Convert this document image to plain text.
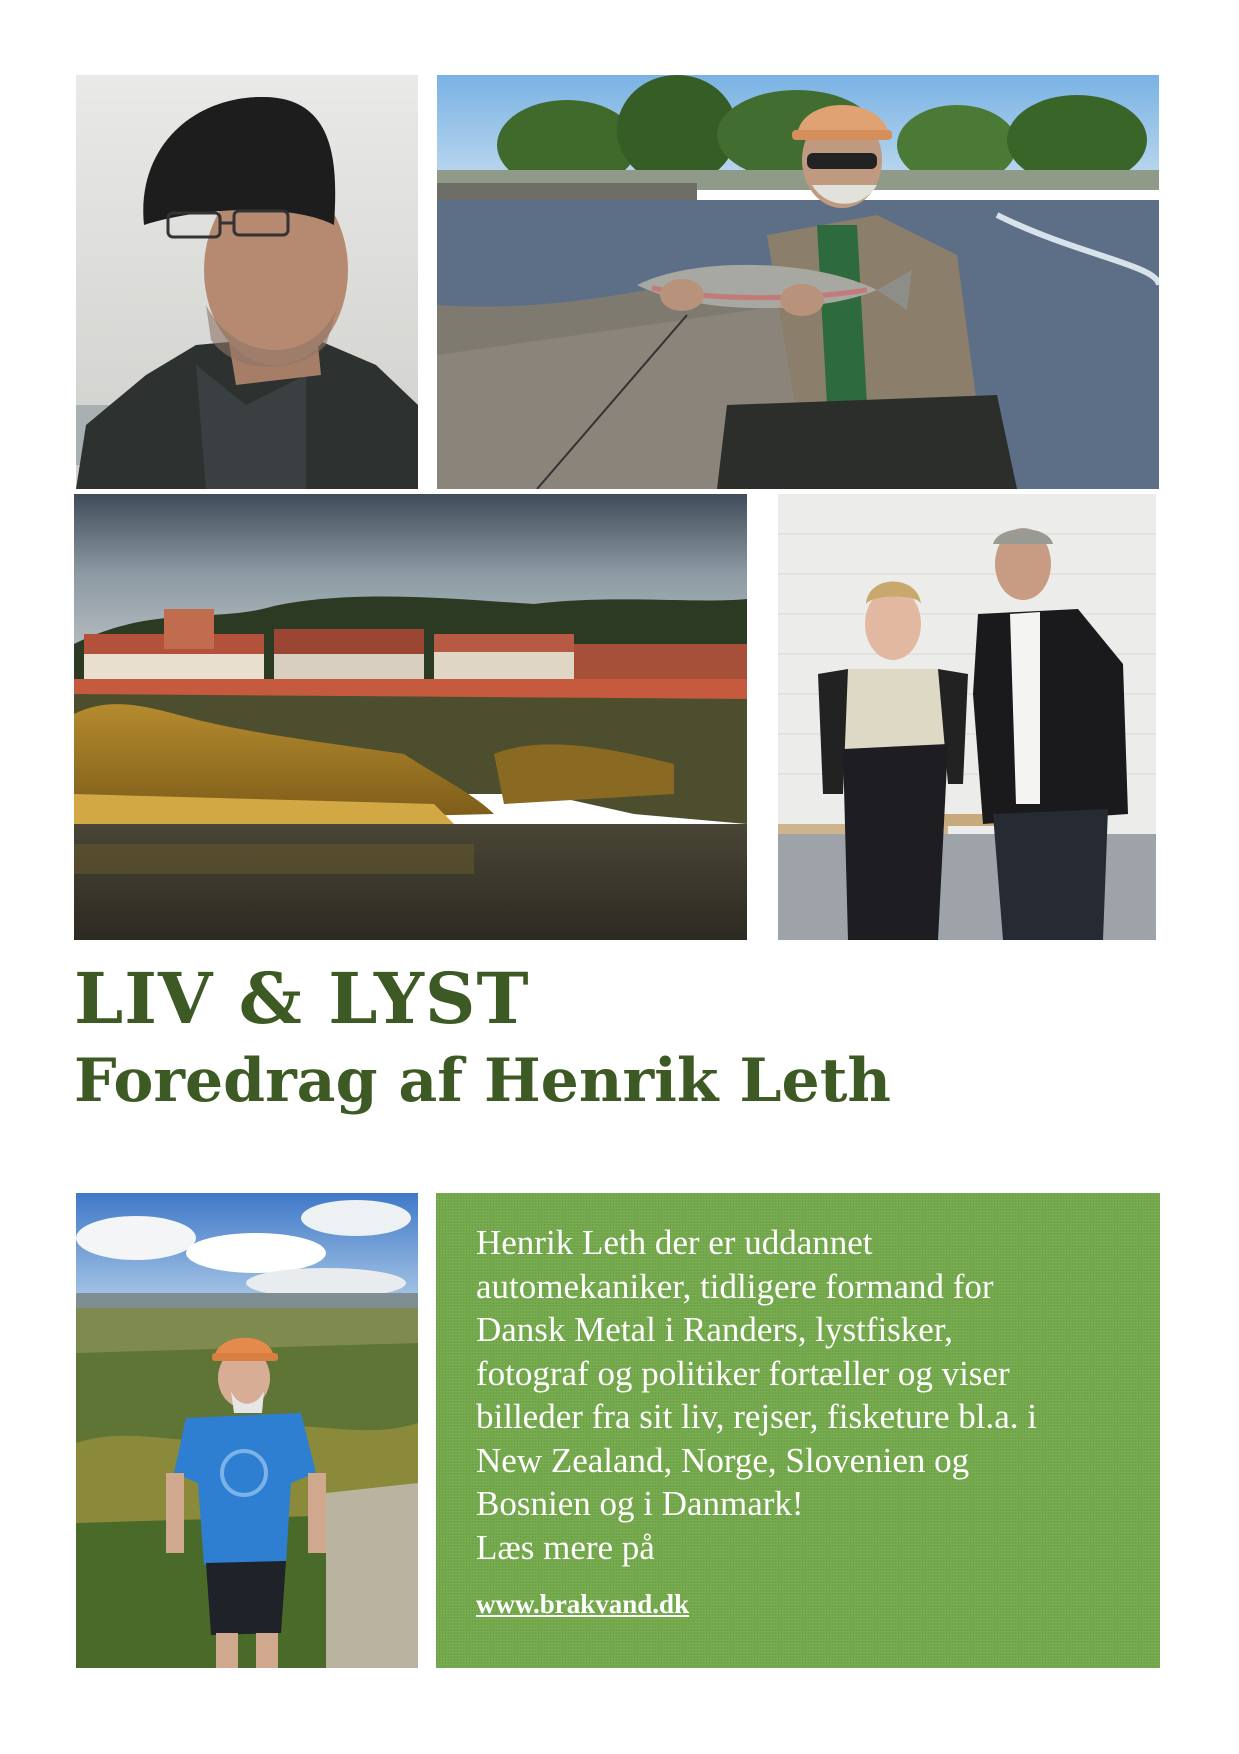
LIV & LYST
Foredrag af Henrik Leth

Henrik Leth der er uddannet
automekaniker, tidligere formand for
Dansk Metal i Randers, lystfisker,
fotograf og politiker fortæller og viser
billeder fra sit liv, rejser, fisketure bl.a. i
New Zealand, Norge, Slovenien og
Bosnien og i Danmark!
Læs mere på

www.brakvand.dk
